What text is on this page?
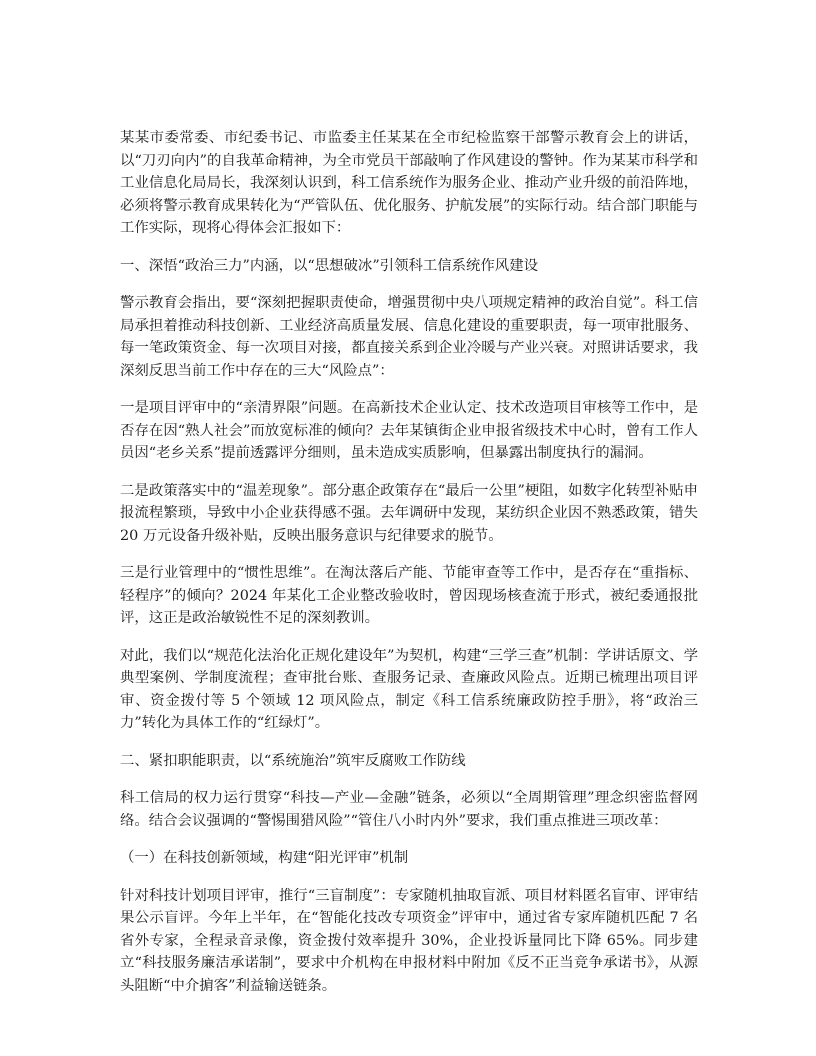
某某市委常委、市纪委书记、市监委主任某某在全市纪检监察干部警示教育会上的讲话，以“刀刃向内”的自我革命精神，为全市党员干部敲响了作风建设的警钟。作为某某市科学和工业信息化局局长，我深刻认识到，科工信系统作为服务企业、推动产业升级的前沿阵地，必须将警示教育成果转化为“严管队伍、优化服务、护航发展”的实际行动。结合部门职能与工作实际，现将心得体会汇报如下：

一、深悟“政治三力”内涵，以“思想破冰”引领科工信系统作风建设

警示教育会指出，要“深刻把握职责使命，增强贯彻中央八项规定精神的政治自觉”。科工信局承担着推动科技创新、工业经济高质量发展、信息化建设的重要职责，每一项审批服务、每一笔政策资金、每一次项目对接，都直接关系到企业冷暖与产业兴衰。对照讲话要求，我深刻反思当前工作中存在的三大“风险点”：

一是项目评审中的“亲清界限”问题。在高新技术企业认定、技术改造项目审核等工作中，是否存在因“熟人社会”而放宽标准的倾向？去年某镇街企业申报省级技术中心时，曾有工作人员因“老乡关系”提前透露评分细则，虽未造成实质影响，但暴露出制度执行的漏洞。

二是政策落实中的“温差现象”。部分惠企政策存在“最后一公里”梗阻，如数字化转型补贴申报流程繁琐，导致中小企业获得感不强。去年调研中发现，某纺织企业因不熟悉政策，错失 20 万元设备升级补贴，反映出服务意识与纪律要求的脱节。

三是行业管理中的“惯性思维”。在淘汰落后产能、节能审查等工作中，是否存在“重指标、轻程序”的倾向？2024 年某化工企业整改验收时，曾因现场核查流于形式，被纪委通报批评，这正是政治敏锐性不足的深刻教训。

对此，我们以“规范化法治化正规化建设年”为契机，构建“三学三查”机制：学讲话原文、学典型案例、学制度流程；查审批台账、查服务记录、查廉政风险点。近期已梳理出项目评审、资金拨付等 5 个领域 12 项风险点，制定《科工信系统廉政防控手册》，将“政治三力”转化为具体工作的“红绿灯”。

二、紧扣职能职责，以“系统施治”筑牢反腐败工作防线

科工信局的权力运行贯穿“科技—产业—金融”链条，必须以“全周期管理”理念织密监督网络。结合会议强调的“警惕围猎风险”“管住八小时内外”要求，我们重点推进三项改革：

（一）在科技创新领域，构建“阳光评审”机制

针对科技计划项目评审，推行“三盲制度”：专家随机抽取盲派、项目材料匿名盲审、评审结果公示盲评。今年上半年，在“智能化技改专项资金”评审中，通过省专家库随机匹配 7 名省外专家，全程录音录像，资金拨付效率提升 30%，企业投诉量同比下降 65%。同步建立“科技服务廉洁承诺制”，要求中介机构在申报材料中附加《反不正当竞争承诺书》，从源头阻断“中介掮客”利益输送链条。
